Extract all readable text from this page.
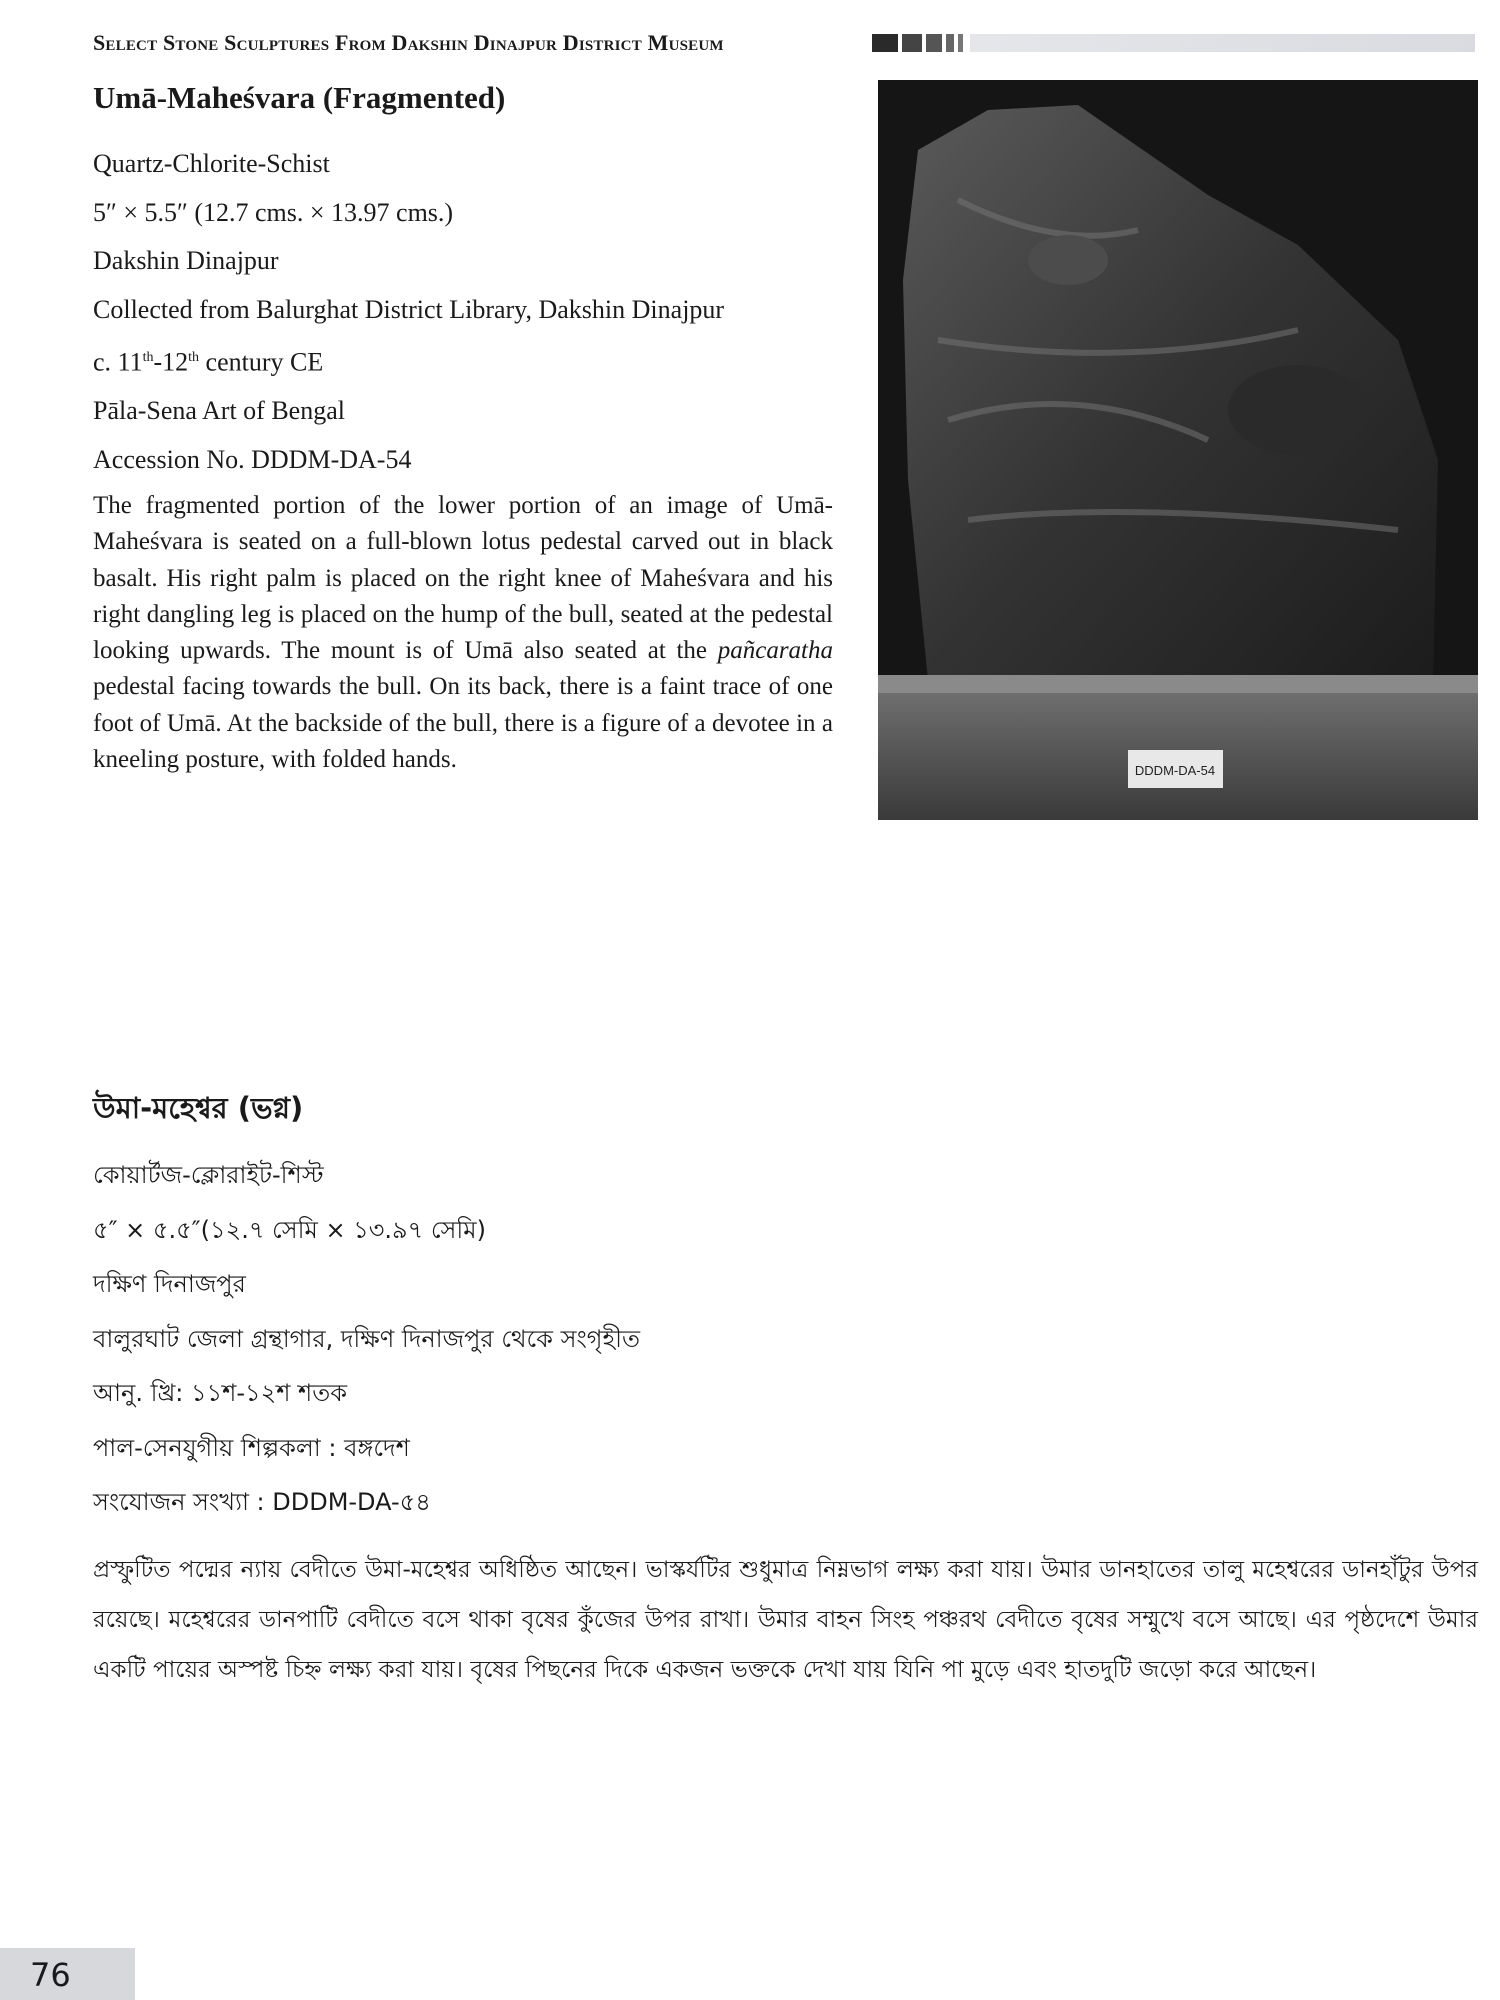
Select Stone Sculptures From Dakshin Dinajpur District Museum
Umā-Maheśvara (Fragmented)
Quartz-Chlorite-Schist
5″ × 5.5″ (12.7 cms. × 13.97 cms.)
Dakshin Dinajpur
Collected from Balurghat District Library, Dakshin Dinajpur
c. 11th-12th century CE
Pāla-Sena Art of Bengal
Accession No. DDDM-DA-54
The fragmented portion of the lower portion of an image of Umā-Maheśvara is seated on a full-blown lotus pedestal carved out in black basalt. His right palm is placed on the right knee of Maheśvara and his right dangling leg is placed on the hump of the bull, seated at the pedestal looking upwards. The mount is of Umā also seated at the pañcaratha pedestal facing towards the bull. On its back, there is a faint trace of one foot of Umā. At the backside of the bull, there is a figure of a devotee in a kneeling posture, with folded hands.	DDDM-DA-54
উমা-মহেশ্বর (ভগ্ন)
কোয়ার্টজ-ক্লোরাইট-শিস্ট
৫″ × ৫.৫″(১২.৭ সেমি × ১৩.৯৭ সেমি)
দক্ষিণ দিনাজপুর
বালুরঘাট জেলা গ্রন্থাগার, দক্ষিণ দিনাজপুর থেকে সংগৃহীত
আনু. খ্রি: ১১শ-১২শ শতক
পাল-সেনযুগীয় শিল্পকলা : বঙ্গদেশ
সংযোজন সংখ্যা : DDDM-DA-৫৪
প্রস্ফুটিত পদ্মের ন্যায় বেদীতে উমা-মহেশ্বর অধিষ্ঠিত আছেন। ভাস্কর্যটির শুধুমাত্র নিম্নভাগ লক্ষ্য করা যায়। উমার ডানহাতের তালু মহেশ্বরের ডানহাঁটুর উপর রয়েছে। মহেশ্বরের ডানপাটি বেদীতে বসে থাকা বৃষের কুঁজের উপর রাখা। উমার বাহন সিংহ পঞ্চরথ বেদীতে বৃষের সম্মুখে বসে আছে। এর পৃষ্ঠদেশে উমার একটি পায়ের অস্পষ্ট চিহ্ন লক্ষ্য করা যায়। বৃষের পিছনের দিকে একজন ভক্তকে দেখা যায় যিনি পা মুড়ে এবং হাতদুটি জড়ো করে আছেন।
76
